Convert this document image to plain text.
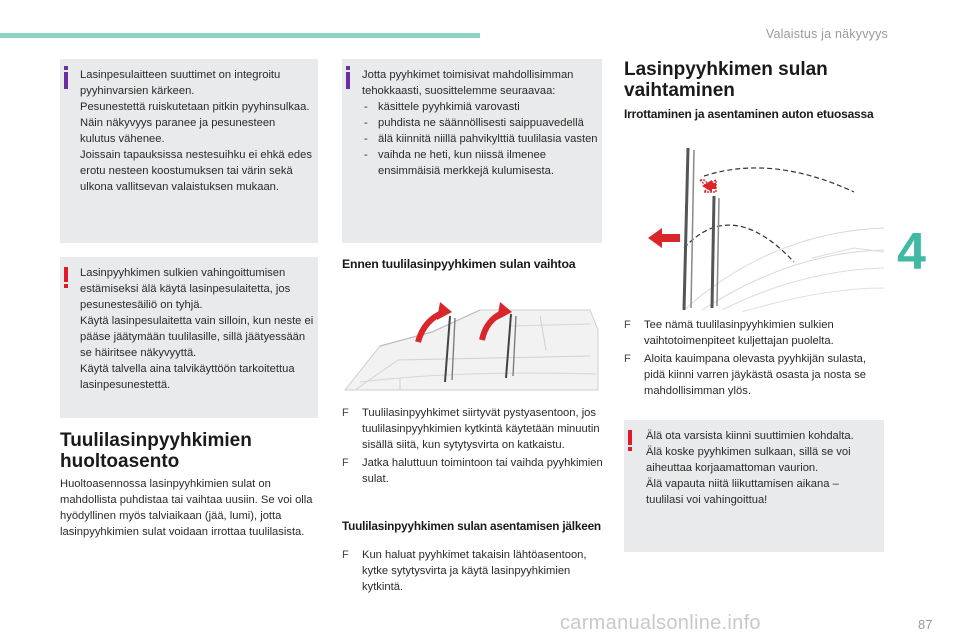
Valaistus ja näkyvyys
4
87
carmanualsonline.info

Lasinpesulaitteen suuttimet on integroitu pyyhinvarsien kärkeen.

Pesunestettä ruiskutetaan pitkin pyyhinsulkaa. Näin näkyvyys paranee ja pesunesteen kulutus vähenee.

Joissain tapauksissa nestesuihku ei ehkä edes erotu nesteen koostumuksen tai värin sekä ulkona vallitsevan valaistuksen mukaan.

Lasinpyyhkimen sulkien vahingoittumisen estämiseksi älä käytä lasinpesulaitetta, jos pesunestesäiliö on tyhjä.

Käytä lasinpesulaitetta vain silloin, kun neste ei pääse jäätymään tuulilasille, sillä jäätyessään se häiritsee näkyvyyttä.

Käytä talvella aina talvikäyttöön tarkoitettua lasinpesunestettä.

Tuulilasinpyyhkimien huoltoasento
Huoltoasennossa lasinpyyhkimien sulat on mahdollista puhdistaa tai vaihtaa uusiin. Se voi olla hyödyllinen myös talviaikaan (jää, lumi), jotta lasinpyyhkimien sulat voidaan irrottaa tuulilasista.

Jotta pyyhkimet toimisivat mahdollisimman tehokkaasti, suosittelemme seuraavaa:

- käsittele pyyhkimiä varovasti
- puhdista ne säännöllisesti saippuavedellä
- älä kiinnitä niillä pahvikylttiä tuulilasia vasten
- vaihda ne heti, kun niissä ilmenee ensimmäisiä merkkejä kulumisesta.
Ennen tuulilasinpyyhkimen sulan vaihtoa
F Tuulilasinpyyhkimet siirtyvät pystyasentoon, jos tuulilasinpyyhkimien kytkintä käytetään minuutin sisällä siitä, kun sytytysvirta on katkaistu.
F Jatka haluttuun toimintoon tai vaihda pyyhkimien sulat.
Tuulilasinpyyhkimen sulan asentamisen jälkeen
F Kun haluat pyyhkimet takaisin lähtöasentoon, kytke sytytysvirta ja käytä lasinpyyhkimien kytkintä.
Lasinpyyhkimen sulan vaihtaminen
Irrottaminen ja asentaminen auton etuosassa
F Tee nämä tuulilasinpyyhkimien sulkien vaihtotoimenpiteet kuljettajan puolelta.
F Aloita kauimpana olevasta pyyhkijän sulasta, pidä kiinni varren jäykästä osasta ja nosta se mahdollisimman ylös.

Älä ota varsista kiinni suuttimien kohdalta.

Älä koske pyyhkimen sulkaan, sillä se voi aiheuttaa korjaamattoman vaurion.

Älä vapauta niitä liikuttamisen aikana – tuulilasi voi vahingoittua!
